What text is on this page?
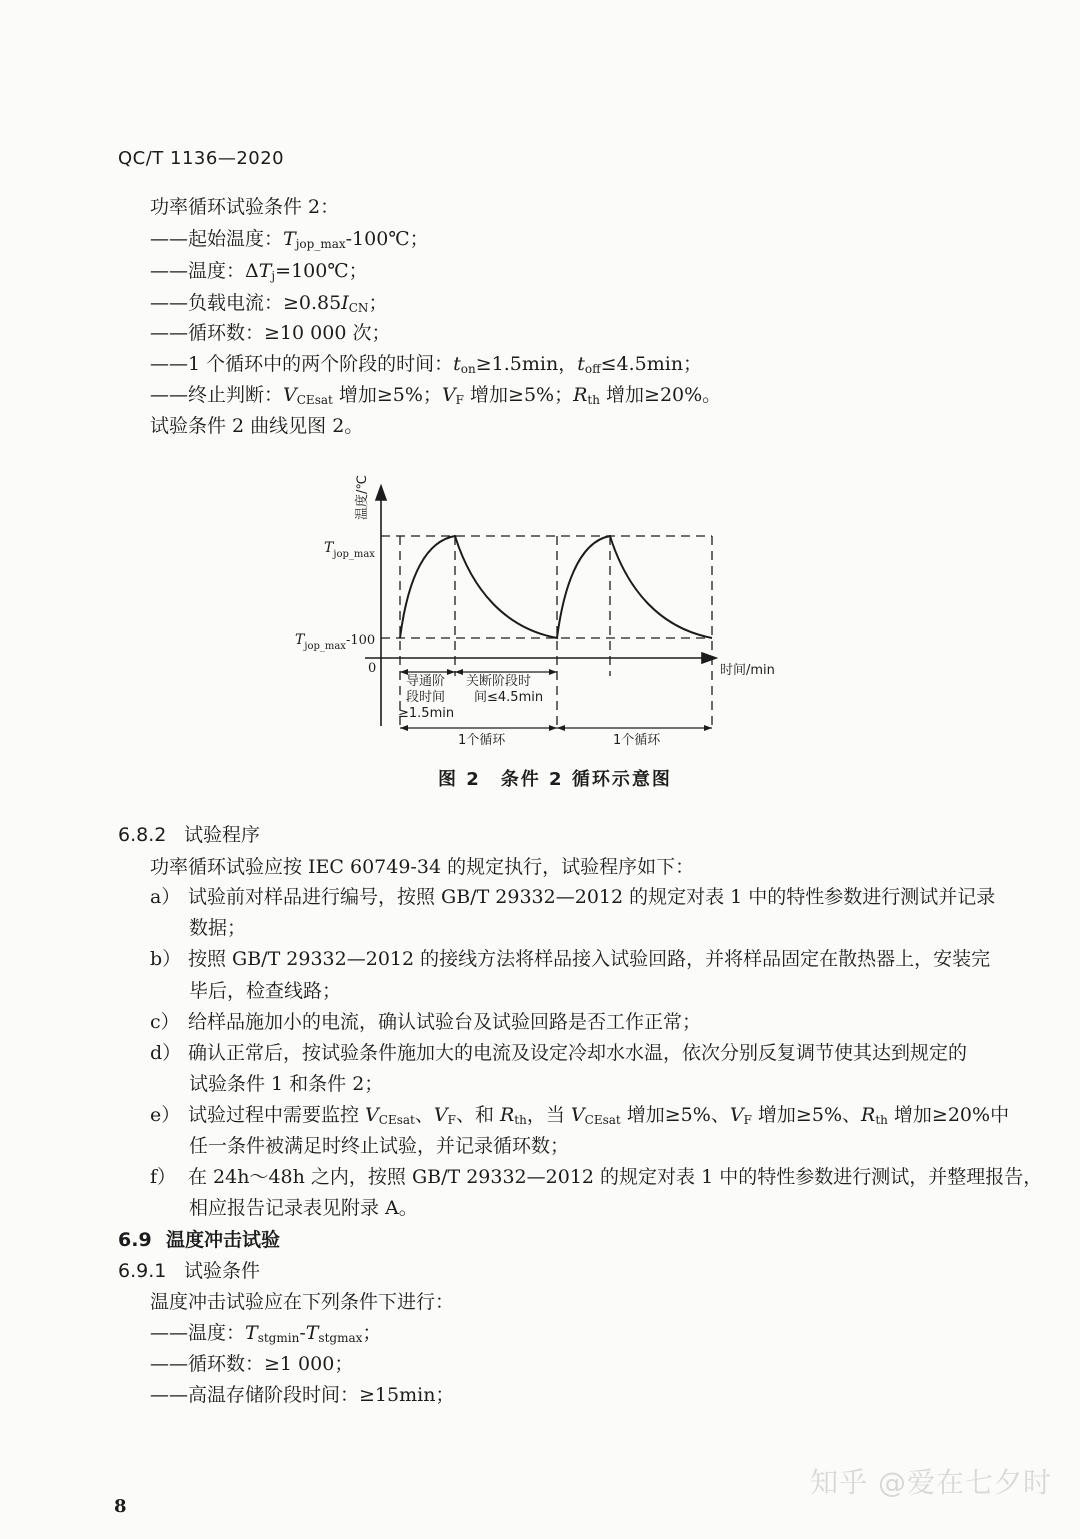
QC/T 1136—2020
功率循环试验条件 2：
——起始温度：$T_{jop\_max}-100℃$；
——温度：$\Delta T_j=100℃$；
——负载电流：$\ge 0.85I_{CN}$；
——循环数：≥10 000 次；
——1 个循环中的两个阶段的时间：$t_{on}\ge 1.5\min$，$t_{off}\le 4.5\min$；
——终止判断：$V_{CEsat}$ 增加≥5%；$V_F$ 增加≥5%；$R_{th}$ 增加≥20%。
试验条件 2 曲线见图 2。
温度/℃
$T_{jop\_max}$
$T_{jop\_max}-100$
0	时间/min
导通阶
段时间
≥1.5min
关断阶段时
间≤4.5min
1个循环	1个循环
图 2　条件 2 循环示意图
6.8.2 试验程序
功率循环试验应按 IEC 60749-34 的规定执行，试验程序如下：
a） 试验前对样品进行编号，按照 GB/T 29332—2012 的规定对表 1 中的特性参数进行测试并记录
数据；
b） 按照 GB/T 29332—2012 的接线方法将样品接入试验回路，并将样品固定在散热器上，安装完
毕后，检查线路；
c） 给样品施加小的电流，确认试验台及试验回路是否工作正常；
d） 确认正常后，按试验条件施加大的电流及设定冷却水水温，依次分别反复调节使其达到规定的
试验条件 1 和条件 2；
e） 试验过程中需要监控 $V_{CEsat}$、$V_F$、和 $R_{th}$，当 $V_{CEsat}$ 增加≥5%、$V_F$ 增加≥5%、$R_{th}$ 增加≥20%中
任一条件被满足时终止试验，并记录循环数；
f） 在 24h～48h 之内，按照 GB/T 29332—2012 的规定对表 1 中的特性参数进行测试，并整理报告，
相应报告记录表见附录 A。
6.9 温度冲击试验
6.9.1 试验条件
温度冲击试验应在下列条件下进行：
——温度：$T_{stgmin}-T_{stgmax}$；
——循环数：≥1 000；
——高温存储阶段时间：≥15min；
8
知乎 @爱在七夕时
